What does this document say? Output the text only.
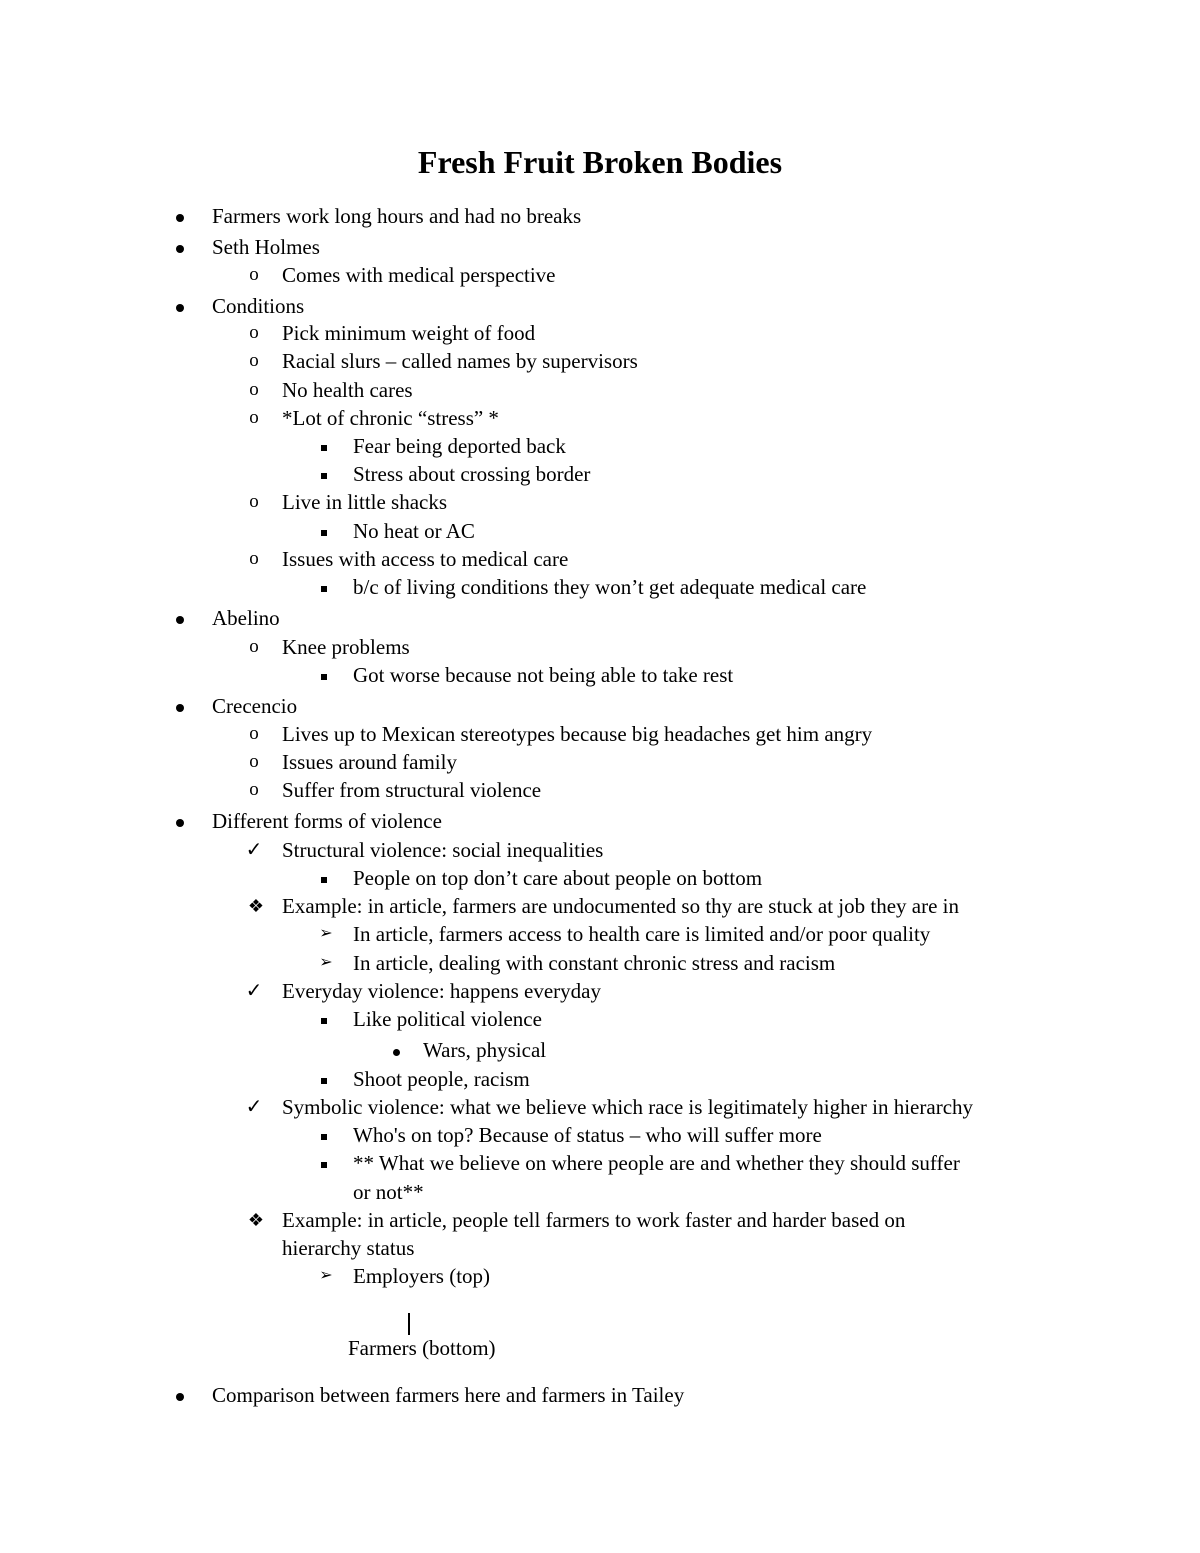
Fresh Fruit Broken Bodies
Farmers work long hours and had no breaks
Seth Holmes
o Comes with medical perspective
Conditions
o Pick minimum weight of food
o Racial slurs – called names by supervisors
o No health cares
o *Lot of chronic “stress” *
Fear being deported back
Stress about crossing border
o Live in little shacks
No heat or AC
o Issues with access to medical care
b/c of living conditions they won’t get adequate medical care
Abelino
o Knee problems
Got worse because not being able to take rest
Crecencio
o Lives up to Mexican stereotypes because big headaches get him angry
o Issues around family
o Suffer from structural violence
Different forms of violence
✓ Structural violence: social inequalities
People on top don’t care about people on bottom
❖ Example: in article, farmers are undocumented so thy are stuck at job they are in
➢ In article, farmers access to health care is limited and/or poor quality
➢ In article, dealing with constant chronic stress and racism
✓ Everyday violence: happens everyday
Like political violence
Wars, physical
Shoot people, racism
✓ Symbolic violence: what we believe which race is legitimately higher in hierarchy
Who's on top? Because of status – who will suffer more
** What we believe on where people are and whether they should suffer
or not**
❖ Example: in article, people tell farmers to work faster and harder based on
hierarchy status
➢ Employers (top)
Farmers (bottom)
Comparison between farmers here and farmers in Tailey
